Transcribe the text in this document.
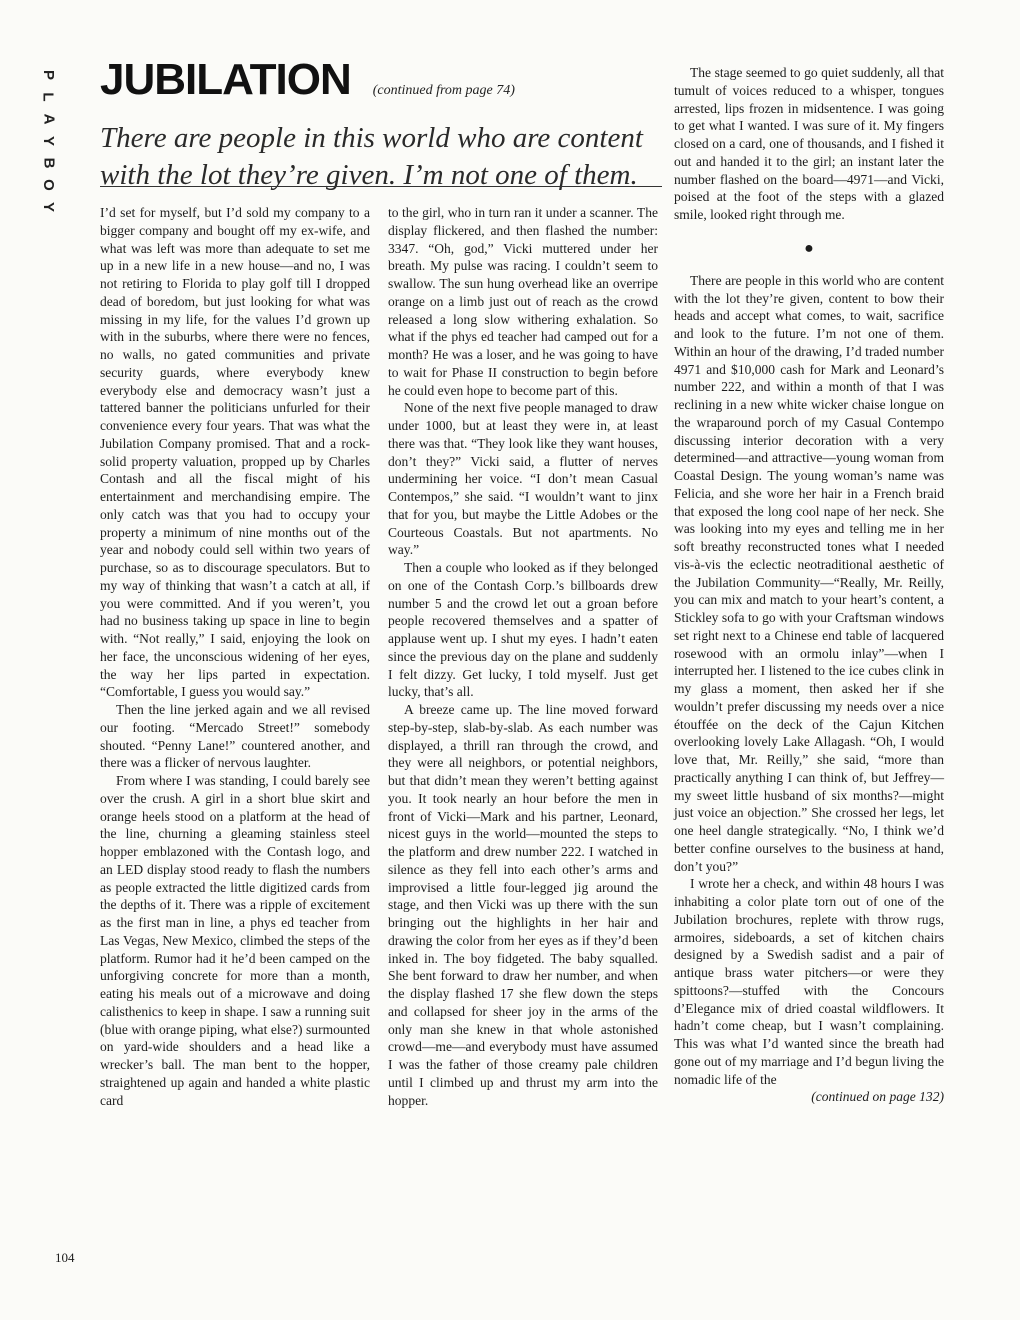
P
L
A
Y
B
O
Y
JUBILATION (continued from page 74)
There are people in this world who are content with the lot they’re given. I’m not one of them.

I’d set for myself, but I’d sold my company to a bigger company and bought off my ex-wife, and what was left was more than adequate to set me up in a new life in a new house—and no, I was not retiring to Florida to play golf till I dropped dead of boredom, but just looking for what was missing in my life, for the values I’d grown up with in the suburbs, where there were no fences, no walls, no gated communities and private security guards, where everybody knew everybody else and democracy wasn’t just a tattered banner the politicians unfurled for their convenience every four years. That was what the Jubilation Company promised. That and a rock-solid property valuation, propped up by Charles Contash and all the fiscal might of his entertainment and merchandising empire. The only catch was that you had to occupy your property a minimum of nine months out of the year and nobody could sell within two years of purchase, so as to discourage speculators. But to my way of thinking that wasn’t a catch at all, if you were committed. And if you weren’t, you had no business taking up space in line to begin with. “Not really,” I said, enjoying the look on her face, the unconscious widening of her eyes, the way her lips parted in expectation. “Comfortable, I guess you would say.”

Then the line jerked again and we all revised our footing. “Mercado Street!” somebody shouted. “Penny Lane!” countered another, and there was a flicker of nervous laughter.

From where I was standing, I could barely see over the crush. A girl in a short blue skirt and orange heels stood on a platform at the head of the line, churning a gleaming stainless steel hopper emblazoned with the Contash logo, and an LED display stood ready to flash the numbers as people extracted the little digitized cards from the depths of it. There was a ripple of excitement as the first man in line, a phys ed teacher from Las Vegas, New Mexico, climbed the steps of the platform. Rumor had it he’d been camped on the unforgiving concrete for more than a month, eating his meals out of a microwave and doing calisthenics to keep in shape. I saw a running suit (blue with orange piping, what else?) surmounted on yard-wide shoulders and a head like a wrecker’s ball. The man bent to the hopper, straightened up again and handed a white plastic card

to the girl, who in turn ran it under a scanner. The display flickered, and then flashed the number: 3347. “Oh, god,” Vicki muttered under her breath. My pulse was racing. I couldn’t seem to swallow. The sun hung overhead like an overripe orange on a limb just out of reach as the crowd released a long slow withering exhalation. So what if the phys ed teacher had camped out for a month? He was a loser, and he was going to have to wait for Phase II construction to begin before he could even hope to become part of this.

None of the next five people managed to draw under 1000, but at least they were in, at least there was that. “They look like they want houses, don’t they?” Vicki said, a flutter of nerves undermining her voice. “I don’t mean Casual Contempos,” she said. “I wouldn’t want to jinx that for you, but maybe the Little Adobes or the Courteous Coastals. But not apartments. No way.”

Then a couple who looked as if they belonged on one of the Contash Corp.’s billboards drew number 5 and the crowd let out a groan before people recovered themselves and a spatter of applause went up. I shut my eyes. I hadn’t eaten since the previous day on the plane and suddenly I felt dizzy. Get lucky, I told myself. Just get lucky, that’s all.

A breeze came up. The line moved forward step-by-step, slab-by-slab. As each number was displayed, a thrill ran through the crowd, and they were all neighbors, or potential neighbors, but that didn’t mean they weren’t betting against you. It took nearly an hour before the men in front of Vicki—Mark and his partner, Leonard, nicest guys in the world—mounted the steps to the platform and drew number 222. I watched in silence as they fell into each other’s arms and improvised a little four-legged jig around the stage, and then Vicki was up there with the sun bringing out the highlights in her hair and drawing the color from her eyes as if they’d been inked in. The boy fidgeted. The baby squalled. She bent forward to draw her number, and when the display flashed 17 she flew down the steps and collapsed for sheer joy in the arms of the only man she knew in that whole astonished crowd—me—and everybody must have assumed I was the father of those creamy pale children until I climbed up and thrust my arm into the hopper.

The stage seemed to go quiet suddenly, all that tumult of voices reduced to a whisper, tongues arrested, lips frozen in midsentence. I was going to get what I wanted. I was sure of it. My fingers closed on a card, one of thousands, and I fished it out and handed it to the girl; an instant later the number flashed on the board—4971—and Vicki, poised at the foot of the steps with a glazed smile, looked right through me.

●

There are people in this world who are content with the lot they’re given, content to bow their heads and accept what comes, to wait, sacrifice and look to the future. I’m not one of them. Within an hour of the drawing, I’d traded number 4971 and $10,000 cash for Mark and Leonard’s number 222, and within a month of that I was reclining in a new white wicker chaise longue on the wraparound porch of my Casual Contempo discussing interior decoration with a very determined—and attractive—young woman from Coastal Design. The young woman’s name was Felicia, and she wore her hair in a French braid that exposed the long cool nape of her neck. She was looking into my eyes and telling me in her soft breathy reconstructed tones what I needed vis-à-vis the eclectic neotraditional aesthetic of the Jubilation Community—“Really, Mr. Reilly, you can mix and match to your heart’s content, a Stickley sofa to go with your Craftsman windows set right next to a Chinese end table of lacquered rosewood with an ormolu inlay”—when I interrupted her. I listened to the ice cubes clink in my glass a moment, then asked her if she wouldn’t prefer discussing my needs over a nice étouffée on the deck of the Cajun Kitchen overlooking lovely Lake Allagash. “Oh, I would love that, Mr. Reilly,” she said, “more than practically anything I can think of, but Jeffrey—my sweet little husband of six months?—might just voice an objection.” She crossed her legs, let one heel dangle strategically. “No, I think we’d better confine ourselves to the business at hand, don’t you?”

I wrote her a check, and within 48 hours I was inhabiting a color plate torn out of one of the Jubilation brochures, replete with throw rugs, armoires, sideboards, a set of kitchen chairs designed by a Swedish sadist and a pair of antique brass water pitchers—or were they spittoons?—stuffed with the Concours d’Elegance mix of dried coastal wildflowers. It hadn’t come cheap, but I wasn’t complaining. This was what I’d wanted since the breath had gone out of my marriage and I’d begun living the nomadic life of the

(continued on page 132)
104
